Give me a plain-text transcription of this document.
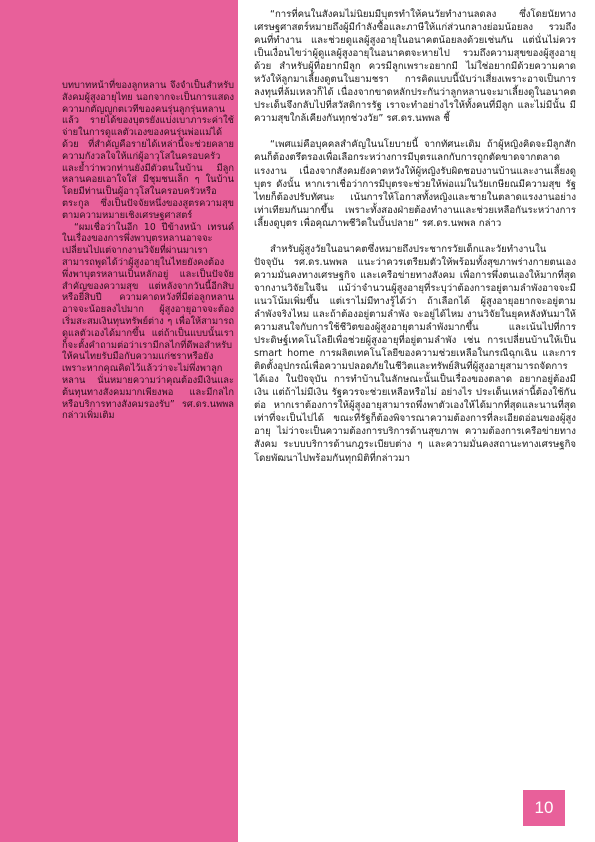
บทบาทหน้าที่ของลูกหลาน จึงจำเป็นสำหรับสังคมผู้สูงอายุไทย นอกจากจะเป็นการแสดงความกตัญญูกตเวทีของคนรุ่นลูกรุ่นหลานแล้ว รายได้ของบุตรยังแบ่งเบาภาระค่าใช้จ่ายในการดูแลตัวเองของคนรุ่นพ่อแม่ได้ด้วย ที่สำคัญคือรายได้เหล่านี้จะช่วยคลายความกังวลใจให้แก่ผู้อาวุโสในครอบครัว และย้ำว่าพวกท่านยังมีตัวตนในบ้าน มีลูกหลานคอยเอาใจใส่ มีชุมชนเล็ก ๆ ในบ้าน โดยมีท่านเป็นผู้อาวุโสในครอบครัวหรือตระกูล ซึ่งเป็นปัจจัยหนึ่งของสูตรความสุขตามความหมายเชิงเศรษฐศาสตร์

“ผมเชื่อว่าในอีก 10 ปีข้างหน้า เทรนด์ในเรื่องของการพึ่งพาบุตรหลานอาจจะเปลี่ยนไปแต่จากงานวิจัยที่ผ่านมาเราสามารถพูดได้ว่าผู้สูงอายุในไทยยังคงต้องพึ่งพาบุตรหลานเป็นหลักอยู่ และเป็นปัจจัยสำคัญของความสุข แต่หลังจากวันนี้อีกสิบหรือยี่สิบปี ความคาดหวังที่มีต่อลูกหลานอาจจะน้อยลงไปมาก ผู้สูงอายุอาจจะต้องเริ่มสะสมเงินทุนทรัพย์ต่าง ๆ เพื่อให้สามารถดูแลตัวเองได้มากขึ้น แต่ถ้าเป็นแบบนั้นเราก็จะตั้งคำถามต่อว่าเรามีกลไกที่ดีพอสำหรับให้คนไทยรับมือกับความแก่ชราหรือยัง เพราะหากคุณคิดไว้แล้วว่าจะไม่พึ่งพาลูกหลาน นั่นหมายความว่าคุณต้องมีเงินและต้นทุนทางสังคมมากเพียงพอ และมีกลไกหรือบริการทางสังคมรองรับ” รศ.ดร.นพพล กล่าวเพิ่มเติม

“การที่คนในสังคมไม่นิยมมีบุตรทำให้คนวัยทำงานลดลง ซึ่งโดยนัยทางเศรษฐศาสตร์หมายถึงผู้มีกำลังซื้อและภาษีให้แก่ส่วนกลางย่อมน้อยลง รวมถึงคนที่ทำงาน และช่วยดูแลผู้สูงอายุในอนาคตน้อยลงด้วยเช่นกัน แต่นั่นไม่ควรเป็นเงื่อนไขว่าผู้ดูแลผู้สูงอายุในอนาคตจะหายไป รวมถึงความสุขของผู้สูงอายุด้วย สำหรับผู้ที่อยากมีลูก ควรมีลูกเพราะอยากมี ไม่ใช่อยากมีด้วยความคาดหวังให้ลูกมาเลี้ยงดูตนในยามชรา การคิดแบบนี้นับว่าเสี่ยงเพราะอาจเป็นการลงทุนที่ล้มเหลวก็ได้ เนื่องจากขาดหลักประกันว่าลูกหลานจะมาเลี้ยงดูในอนาคต ประเด็นจึงกลับไปที่สวัสดิการรัฐ เราจะทำอย่างไรให้ทั้งคนที่มีลูก และไม่มีนั้น มีความสุขใกล้เคียงกันทุกช่วงวัย” รศ.ดร.นพพล ชี้

“เพศแม่คือบุคคลสำคัญในนโยบายนี้ จากทัศนะเดิม ถ้าผู้หญิงคิดจะมีลูกสักคนก็ต้องตรึตรองเพื่อเลือกระหว่างการมีบุตรแลกกับการถูกตัดขาดจากตลาดแรงงาน เนื่องจากสังคมยังคาดหวังให้ผู้หญิงรับผิดชอบงานบ้านและงานเลี้ยงดูบุตร ดังนั้น หากเราเชื่อว่าการมีบุตรจะช่วยให้พ่อแม่ในวัยเกษียณมีความสุข รัฐไทยก็ต้องปรับทัศนะ เน้นการให้โอกาสทั้งหญิงและชายในตลาดแรงงานอย่างเท่าเทียมกันมากขึ้น เพราะทั้งสองฝ่ายต้องทำงานและช่วยเหลือกันระหว่างการเลี้ยงดูบุตร เพื่อคุณภาพชีวิตในบั้นปลาย” รศ.ดร.นพพล กล่าว

สำหรับผู้สูงวัยในอนาคตซึ่งหมายถึงประชากรวัยเด็กและวัยทำงานในปัจจุบัน รศ.ดร.นพพล แนะว่าควรเตรียมตัวให้พร้อมทั้งสุขภาพร่างกายตนเอง ความมั่นคงทางเศรษฐกิจ และเครือข่ายทางสังคม เพื่อการพึ่งตนเองให้มากที่สุด จากงานวิจัยในจีน แม้ว่าจำนวนผู้สูงอายุที่ระบุว่าต้องการอยู่ตามลำพังอาจจะมีแนวโน้มเพิ่มขึ้น แต่เราไม่มีทางรู้ได้ว่า ถ้าเลือกได้ ผู้สูงอายุอยากจะอยู่ตามลำพังจริงไหม และถ้าต้องอยู่ตามลำพัง จะอยู่ได้ไหม งานวิจัยในยุคหลังหันมาให้ความสนใจกับการใช้ชีวิตของผู้สูงอายุตามลำพังมากขึ้น และเน้นไปที่การประดิษฐ์เทคโนโลยีเพื่อช่วยผู้สูงอายุที่อยู่ตามลำพัง เช่น การเปลี่ยนบ้านให้เป็น smart home การผลิตเทคโนโลยีของความช่วยเหลือในกรณีฉุกเฉิน และการติดตั้งอุปกรณ์เพื่อความปลอดภัยในชีวิตและทรัพย์สินที่ผู้สูงอายุสามารถจัดการได้เอง ในปัจจุบัน การทำบ้านในลักษณะนั้นเป็นเรื่องของตลาด อยากอยู่ต้องมีเงิน แต่ถ้าไม่มีเงิน รัฐควรจะช่วยเหลือหรือไม่ อย่างไร ประเด็นเหล่านี้ต้องใช้กันต่อ หากเราต้องการให้ผู้สูงอายุสามารถพึ่งพาตัวเองให้ได้มากที่สุดและนานที่สุดเท่าที่จะเป็นไปได้ ขณะที่รัฐก็ต้องพิจารณาความต้องการที่ละเอียดอ่อนของผู้สูงอายุ ไม่ว่าจะเป็นความต้องการบริการด้านสุขภาพ ความต้องการเครือข่ายทางสังคม ระบบบริการด้านกฎระเบียบต่าง ๆ และความมั่นคงสถานะทางเศรษฐกิจ โดยพัฒนาไปพร้อมกันทุกมิติที่กล่าวมา

10
